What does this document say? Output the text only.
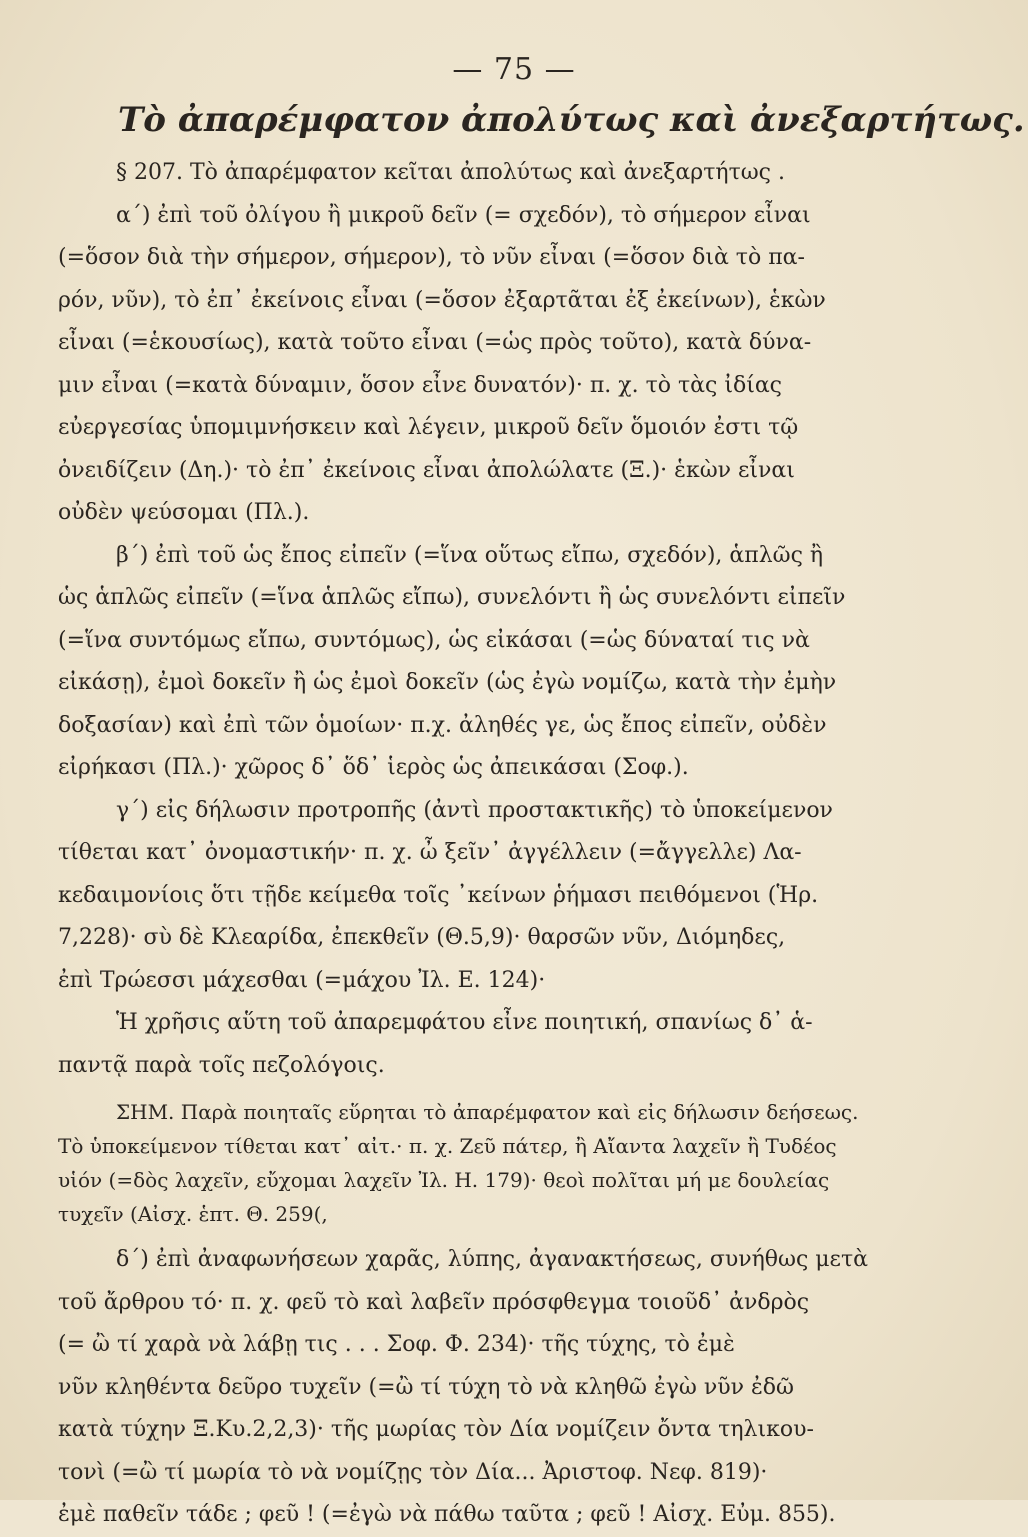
— 75 —
Τὸ ἀπαρέμφατον ἀπολύτως καὶ ἀνεξαρτήτως.
§ 207. Τὸ ἀπαρέμφατον κεῖται ἀπολύτως καὶ ἀνεξαρτήτως .
α΄) ἐπὶ τοῦ ὀλίγου ἢ μικροῦ δεῖν (= σχεδόν), τὸ σήμερον εἶναι
(=ὅσον διὰ τὴν σήμερον, σήμερον), τὸ νῦν εἶναι (=ὅσον διὰ τὸ πα-
ρόν, νῦν), τὸ ἐπ᾽ ἐκείνοις εἶναι (=ὅσον ἐξαρτᾶται ἐξ ἐκείνων), ἑκὼν
εἶναι (=ἑκουσίως), κατὰ τοῦτο εἶναι (=ὡς πρὸς τοῦτο), κατὰ δύνα-
μιν εἶναι (=κατὰ δύναμιν, ὅσον εἶνε δυνατόν)· π. χ. τὸ τὰς ἰδίας
εὐεργεσίας ὑπομιμνήσκειν καὶ λέγειν, μικροῦ δεῖν ὅμοιόν ἐστι τῷ
ὀνειδίζειν (Δη.)· τὸ ἐπ᾽ ἐκείνοις εἶναι ἀπολώλατε (Ξ.)· ἑκὼν εἶναι
οὐδὲν ψεύσομαι (Πλ.).
β΄) ἐπὶ τοῦ ὡς ἔπος εἰπεῖν (=ἵνα οὕτως εἴπω, σχεδόν), ἁπλῶς ἢ
ὡς ἁπλῶς εἰπεῖν (=ἵνα ἁπλῶς εἴπω), συνελόντι ἢ ὡς συνελόντι εἰπεῖν
(=ἵνα συντόμως εἴπω, συντόμως), ὡς εἰκάσαι (=ὡς δύναταί τις νὰ
εἰκάσῃ), ἐμοὶ δοκεῖν ἢ ὡς ἐμοὶ δοκεῖν (ὡς ἐγὼ νομίζω, κατὰ τὴν ἐμὴν
δοξασίαν) καὶ ἐπὶ τῶν ὁμοίων· π.χ. ἀληθές γε, ὡς ἔπος εἰπεῖν, οὐδὲν
εἰρήκασι (Πλ.)· χῶρος δ᾽ ὅδ᾽ ἱερὸς ὡς ἀπεικάσαι (Σοφ.).
γ΄) εἰς δήλωσιν προτροπῆς (ἀντὶ προστακτικῆς) τὸ ὑποκείμενον
τίθεται κατ᾽ ὀνομαστικήν· π. χ. ὦ ξεῖν᾽ ἀγγέλλειν (=ἄγγελλε) Λα-
κεδαιμονίοις ὅτι τῇδε κείμεθα τοῖς ᾽κείνων ῥήμασι πειθόμενοι (Ἡρ.
7,228)· σὺ δὲ Κλεαρίδα, ἐπεκθεῖν (Θ.5,9)· θαρσῶν νῦν, Διόμηδες,
ἐπὶ Τρώεσσι μάχεσθαι (=μάχου Ἰλ. Ε. 124)·
Ἡ χρῆσις αὕτη τοῦ ἀπαρεμφάτου εἶνε ποιητική, σπανίως δ᾽ ἁ-
παντᾷ παρὰ τοῖς πεζολόγοις.
ΣΗΜ. Παρὰ ποιηταῖς εὕρηται τὸ ἀπαρέμφατον καὶ εἰς δήλωσιν δεήσεως.
Τὸ ὑποκείμενον τίθεται κατ᾽ αἰτ.· π. χ. Ζεῦ πάτερ, ἢ Αἴαντα λαχεῖν ἢ Τυδέος
υἱόν (=δὸς λαχεῖν, εὔχομαι λαχεῖν Ἰλ. Η. 179)· θεοὶ πολῖται μή με δουλείας
τυχεῖν (Αἰσχ. ἑπτ. Θ. 259(,
δ΄) ἐπὶ ἀναφωνήσεων χαρᾶς, λύπης, ἀγανακτήσεως, συνήθως μετὰ
τοῦ ἄρθρου τό· π. χ. φεῦ τὸ καὶ λαβεῖν πρόσφθεγμα τοιοῦδ᾽ ἀνδρὸς
(= ὢ τί χαρὰ νὰ λάβῃ τις . . . Σοφ. Φ. 234)· τῆς τύχης, τὸ ἐμὲ
νῦν κληθέντα δεῦρο τυχεῖν (=ὢ τί τύχη τὸ νὰ κληθῶ ἐγὼ νῦν ἐδῶ
κατὰ τύχην Ξ.Κυ.2,2,3)· τῆς μωρίας τὸν Δία νομίζειν ὄντα τηλικου-
τονὶ (=ὢ τί μωρία τὸ νὰ νομίζῃς τὸν Δία... Ἀριστοφ. Νεφ. 819)·
ἐμὲ παθεῖν τάδε ; φεῦ ! (=ἐγὼ νὰ πάθω ταῦτα ; φεῦ ! Αἰσχ. Εὐμ. 855).
